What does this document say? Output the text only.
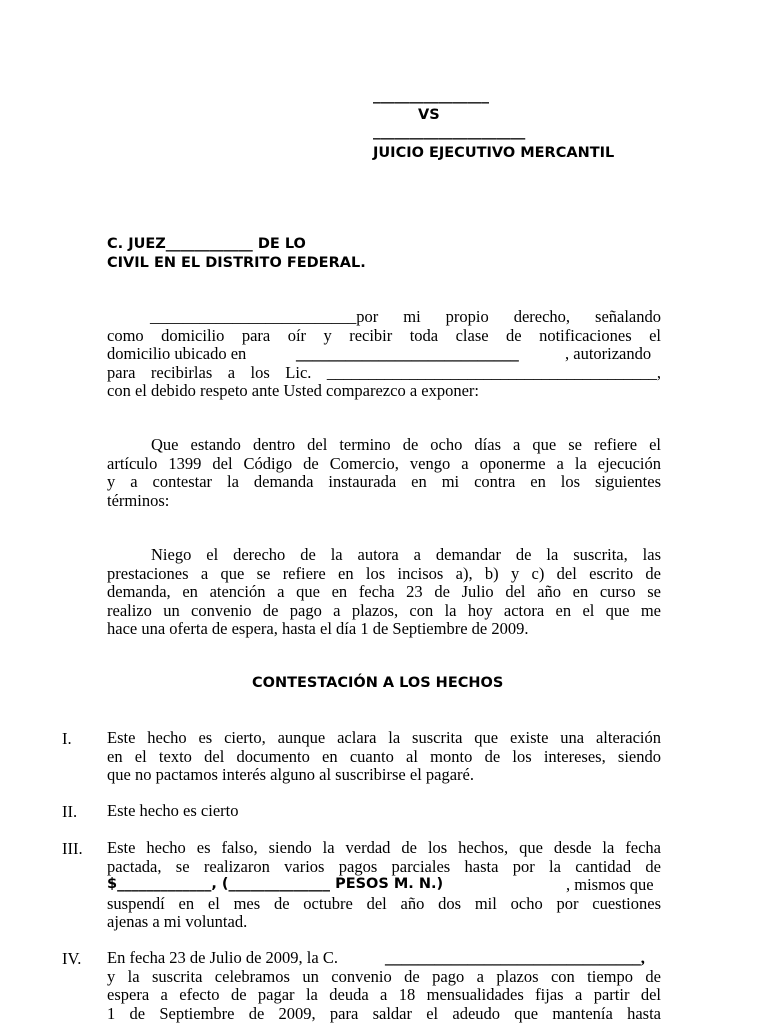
________________
VS
_____________________
JUICIO EJECUTIVO MERCANTIL
C. JUEZ____________ DE LO
CIVIL EN EL DISTRITO FEDERAL.
_________________________por mi propio derecho, señalando
como domicilio para oír y recibir toda clase de notificaciones el
domicilio ubicado en	___________________________	, autorizando
para recibirlas a los Lic. ________________________________________,
con el debido respeto ante Usted comparezco a exponer:
Que estando dentro del termino de ocho días a que se refiere el
artículo 1399 del Código de Comercio, vengo a oponerme a la ejecución
y a contestar la demanda instaurada en mi contra en los siguientes
términos:
Niego el derecho de la autora a demandar de la suscrita, las
prestaciones a que se refiere en los incisos a), b) y c) del escrito de
demanda, en atención a que en fecha 23 de Julio del año en curso se
realizo un convenio de pago a plazos, con la hoy actora en el que me
hace una oferta de espera, hasta el día 1 de Septiembre de 2009.
CONTESTACIÓN A LOS HECHOS
I. Este hecho es cierto, aunque aclara la suscrita que existe una alteración
en el texto del documento en cuanto al monto de los intereses, siendo
que no pactamos interés alguno al suscribirse el pagaré.
II. Este hecho es cierto
III. Este hecho es falso, siendo la verdad de los hechos, que desde la fecha
pactada, se realizaron varios pagos parciales hasta por la cantidad de
$_____________, (______________ PESOS M. N.)	, mismos que
suspendí en el mes de octubre del año dos mil ocho por cuestiones
ajenas a mi voluntad.
IV. En fecha 23 de Julio de 2009, la C.	_______________________________,
y la suscrita celebramos un convenio de pago a plazos con tiempo de
espera a efecto de pagar la deuda a 18 mensualidades fijas a partir del
1 de Septiembre de 2009, para saldar el adeudo que mantenía hasta
